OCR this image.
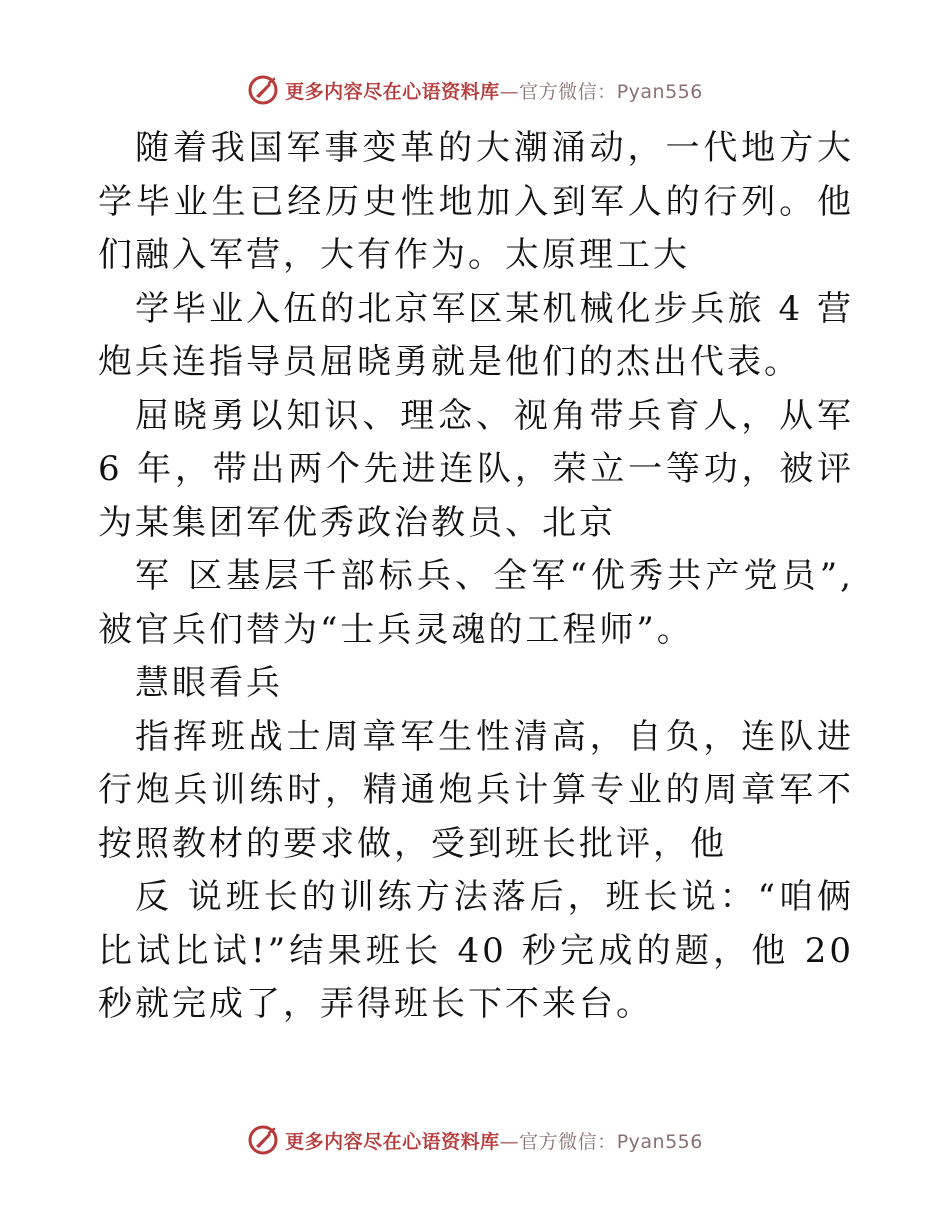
更多内容尽在心语资料库—官方微信：Pyan556

随着我国军事变革的大潮涌动，一代地方大学毕业生已经历史性地加入到军人的行列。他们融入军营，大有作为。太原理工大

学毕业入伍的北京军区某机械化步兵旅 4 营炮兵连指导员屈晓勇就是他们的杰出代表。

屈晓勇以知识、理念、视角带兵育人，从军 6 年，带出两个先进连队，荣立一等功，被评为某集团军优秀政治教员、北京

军 区基层千部标兵、全军“优秀共产党员”,被官兵们替为“士兵灵魂的工程师”。

慧眼看兵

指挥班战士周章军生性清高，自负，连队进行炮兵训练时，精通炮兵计算专业的周章军不按照教材的要求做，受到班长批评，他

反 说班长的训练方法落后，班长说：“咱俩比试比试!”结果班长 40 秒完成的题，他 20 秒就完成了，弄得班长下不来台。

更多内容尽在心语资料库—官方微信：Pyan556
